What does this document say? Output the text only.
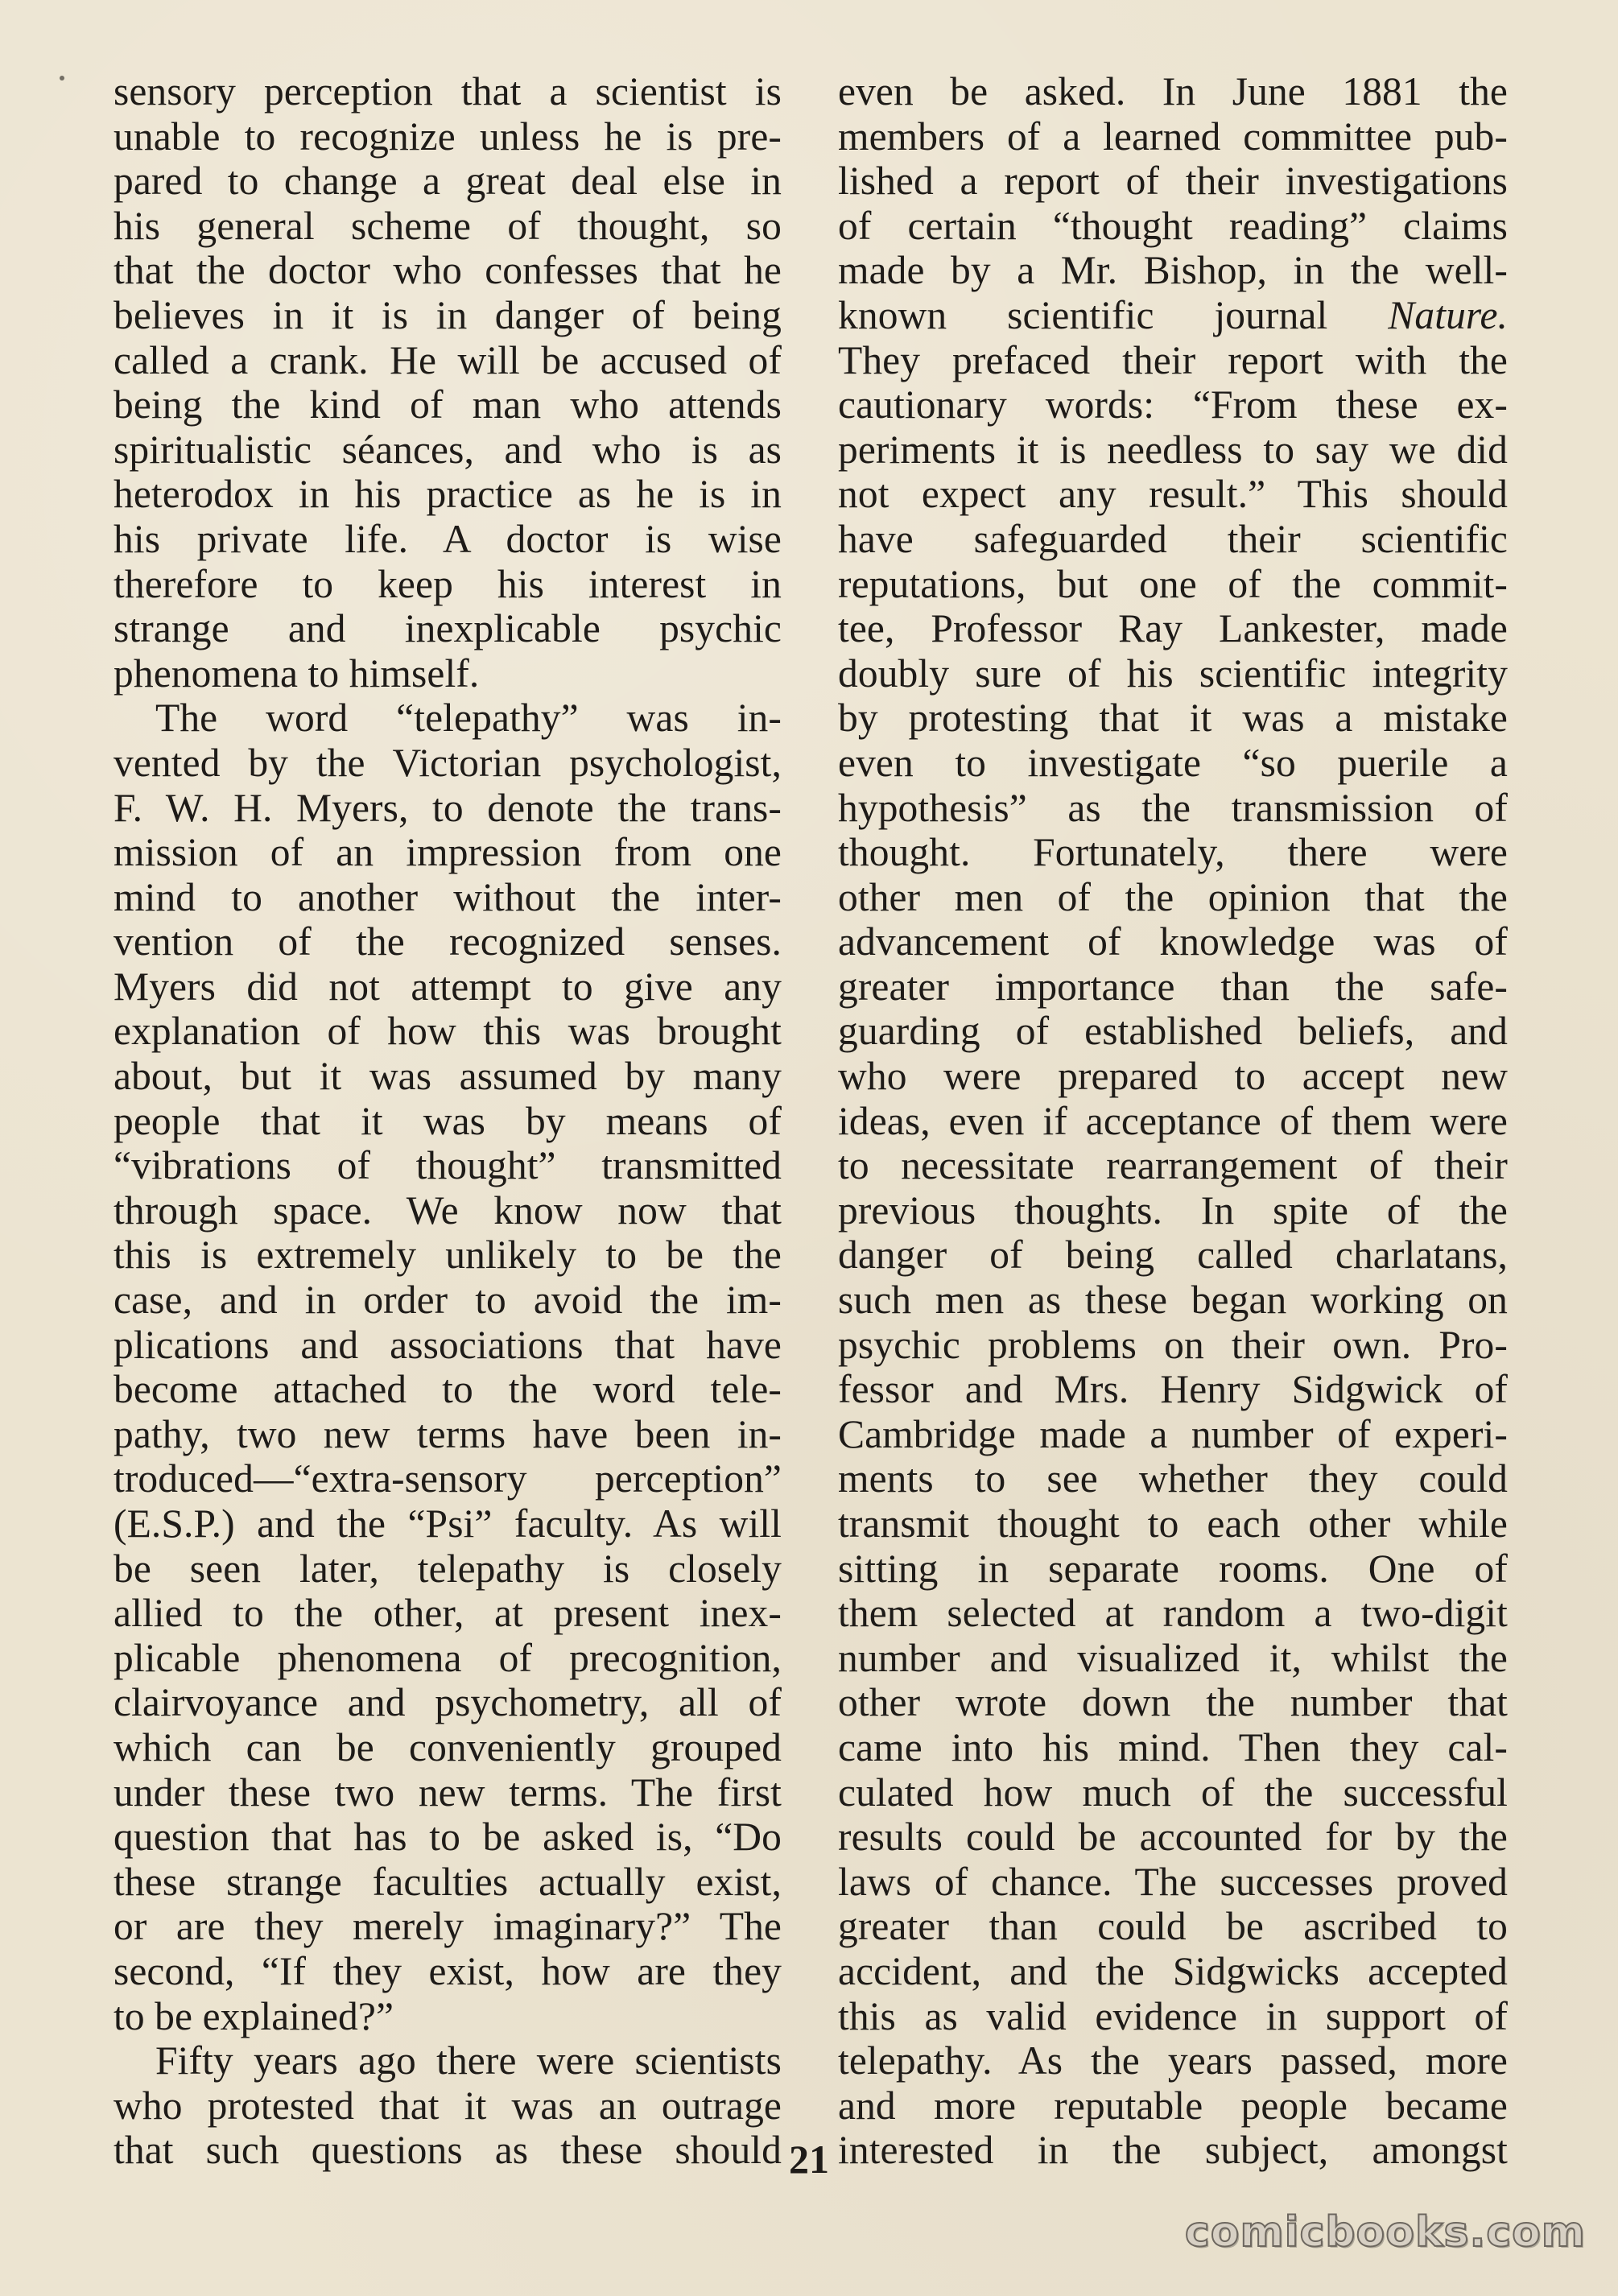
sensory perception that a scientist is
unable to recognize unless he is pre-
pared to change a great deal else in
his general scheme of thought, so
that the doctor who confesses that he
believes in it is in danger of being
called a crank. He will be accused of
being the kind of man who attends
spiritualistic séances, and who is as
heterodox in his practice as he is in
his private life. A doctor is wise
therefore to keep his interest in
strange and inexplicable psychic
phenomena to himself.
The word “telepathy” was in-
vented by the Victorian psychologist,
F. W. H. Myers, to denote the trans-
mission of an impression from one
mind to another without the inter-
vention of the recognized senses.
Myers did not attempt to give any
explanation of how this was brought
about, but it was assumed by many
people that it was by means of
“vibrations of thought” transmitted
through space. We know now that
this is extremely unlikely to be the
case, and in order to avoid the im-
plications and associations that have
become attached to the word tele-
pathy, two new terms have been in-
troduced—“extra-sensory perception”
(E.S.P.) and the “Psi” faculty. As will
be seen later, telepathy is closely
allied to the other, at present inex-
plicable phenomena of precognition,
clairvoyance and psychometry, all of
which can be conveniently grouped
under these two new terms. The first
question that has to be asked is, “Do
these strange faculties actually exist,
or are they merely imaginary?” The
second, “If they exist, how are they
to be explained?”
Fifty years ago there were scientists
who protested that it was an outrage
that such questions as these should
even be asked. In June 1881 the
members of a learned committee pub-
lished a report of their investigations
of certain “thought reading” claims
made by a Mr. Bishop, in the well-
known scientific journal Nature.
They prefaced their report with the
cautionary words: “From these ex-
periments it is needless to say we did
not expect any result.” This should
have safeguarded their scientific
reputations, but one of the commit-
tee, Professor Ray Lankester, made
doubly sure of his scientific integrity
by protesting that it was a mistake
even to investigate “so puerile a
hypothesis” as the transmission of
thought. Fortunately, there were
other men of the opinion that the
advancement of knowledge was of
greater importance than the safe-
guarding of established beliefs, and
who were prepared to accept new
ideas, even if acceptance of them were
to necessitate rearrangement of their
previous thoughts. In spite of the
danger of being called charlatans,
such men as these began working on
psychic problems on their own. Pro-
fessor and Mrs. Henry Sidgwick of
Cambridge made a number of experi-
ments to see whether they could
transmit thought to each other while
sitting in separate rooms. One of
them selected at random a two-digit
number and visualized it, whilst the
other wrote down the number that
came into his mind. Then they cal-
culated how much of the successful
results could be accounted for by the
laws of chance. The successes proved
greater than could be ascribed to
accident, and the Sidgwicks accepted
this as valid evidence in support of
telepathy. As the years passed, more
and more reputable people became
interested in the subject, amongst
21
comicbooks.com
